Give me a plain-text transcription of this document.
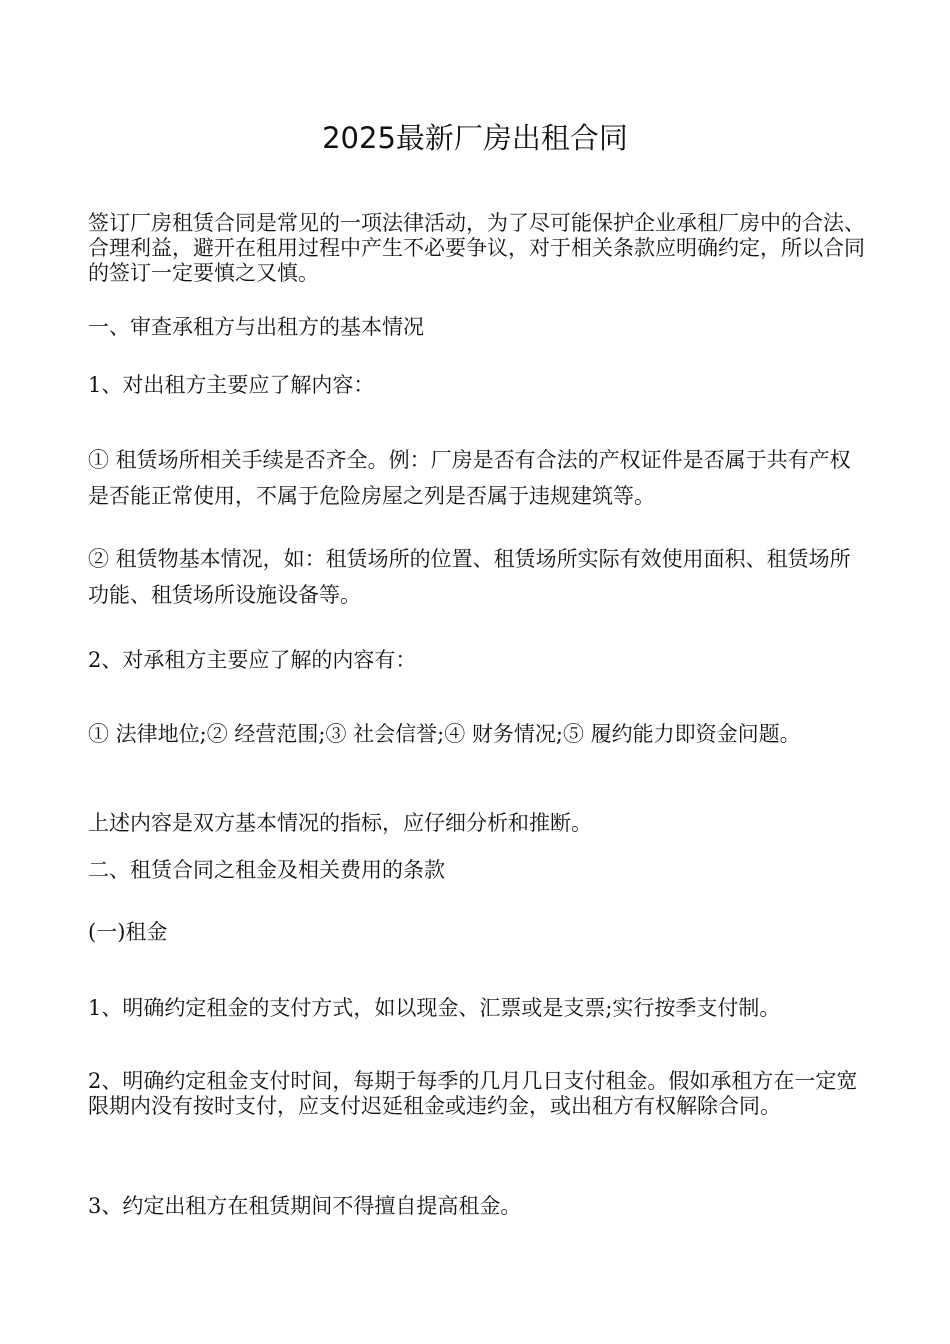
2025最新厂房出租合同
签订厂房租赁合同是常见的一项法律活动，为了尽可能保护企业承租厂房中的合法、合理利益，避开在租用过程中产生不必要争议，对于相关条款应明确约定，所以合同的签订一定要慎之又慎。
一、审查承租方与出租方的基本情况
1、对出租方主要应了解内容：
① 租赁场所相关手续是否齐全。例：厂房是否有合法的产权证件是否属于共有产权是否能正常使用，不属于危险房屋之列是否属于违规建筑等。
② 租赁物基本情况，如：租赁场所的位置、租赁场所实际有效使用面积、租赁场所功能、租赁场所设施设备等。
2、对承租方主要应了解的内容有：
① 法律地位;② 经营范围;③ 社会信誉;④ 财务情况;⑤ 履约能力即资金问题。
上述内容是双方基本情况的指标，应仔细分析和推断。
二、租赁合同之租金及相关费用的条款
(一)租金
1、明确约定租金的支付方式，如以现金、汇票或是支票;实行按季支付制。
2、明确约定租金支付时间，每期于每季的几月几日支付租金。假如承租方在一定宽限期内没有按时支付，应支付迟延租金或违约金，或出租方有权解除合同。
3、约定出租方在租赁期间不得擅自提高租金。
